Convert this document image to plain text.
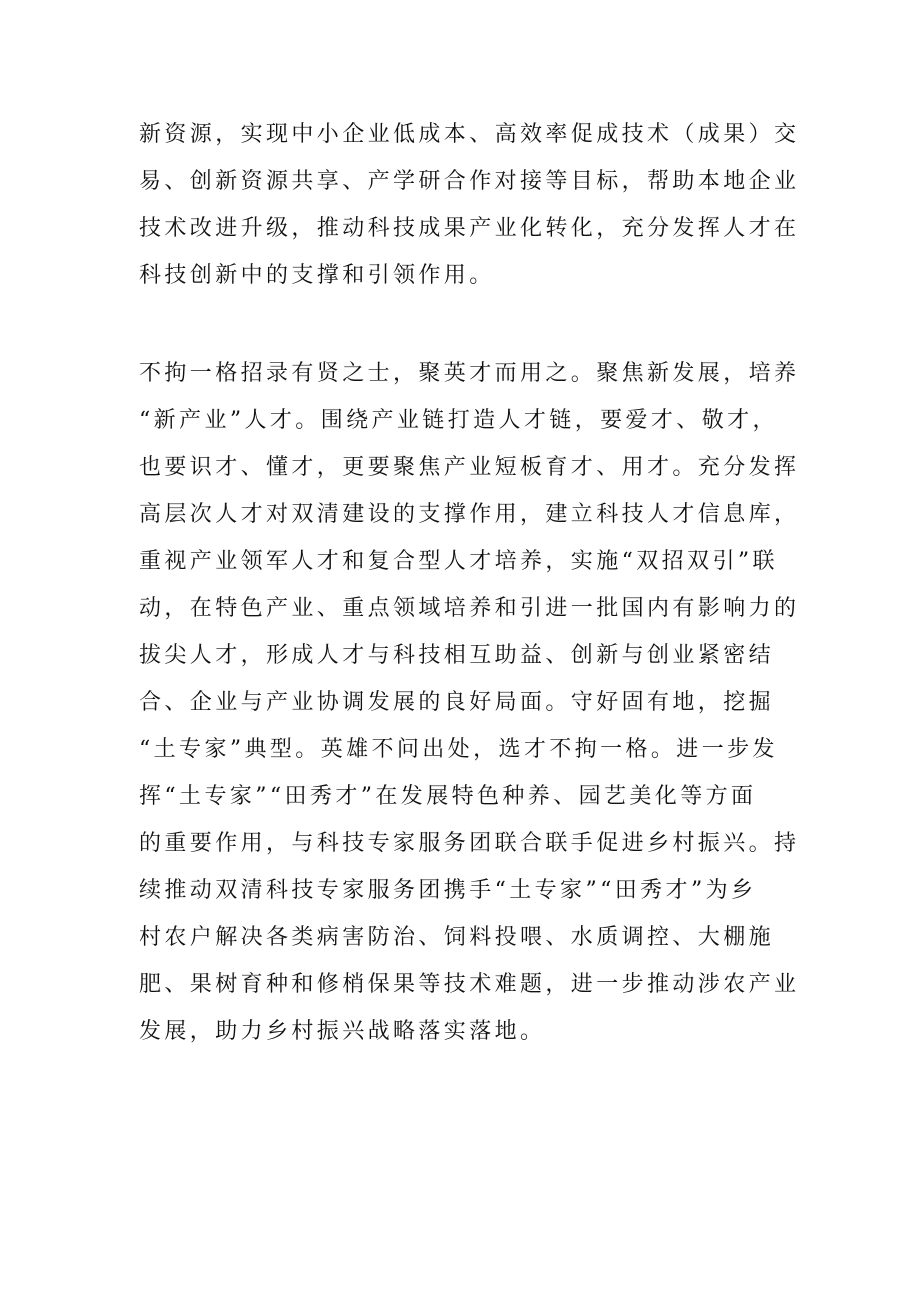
新资源，实现中小企业低成本、高效率促成技术（成果）交
易、创新资源共享、产学研合作对接等目标，帮助本地企业
技术改进升级，推动科技成果产业化转化，充分发挥人才在
科技创新中的支撑和引领作用。
不拘一格招录有贤之士，聚英才而用之。聚焦新发展，培养
“新产业”人才。围绕产业链打造人才链，要爱才、敬才，
也要识才、懂才，更要聚焦产业短板育才、用才。充分发挥
高层次人才对双清建设的支撑作用，建立科技人才信息库，
重视产业领军人才和复合型人才培养，实施“双招双引”联
动，在特色产业、重点领域培养和引进一批国内有影响力的
拔尖人才，形成人才与科技相互助益、创新与创业紧密结
合、企业与产业协调发展的良好局面。守好固有地，挖掘
“土专家”典型。英雄不问出处，选才不拘一格。进一步发
挥“土专家”“田秀才”在发展特色种养、园艺美化等方面
的重要作用，与科技专家服务团联合联手促进乡村振兴。持
续推动双清科技专家服务团携手“土专家”“田秀才”为乡
村农户解决各类病害防治、饲料投喂、水质调控、大棚施
肥、果树育种和修梢保果等技术难题，进一步推动涉农产业
发展，助力乡村振兴战略落实落地。
